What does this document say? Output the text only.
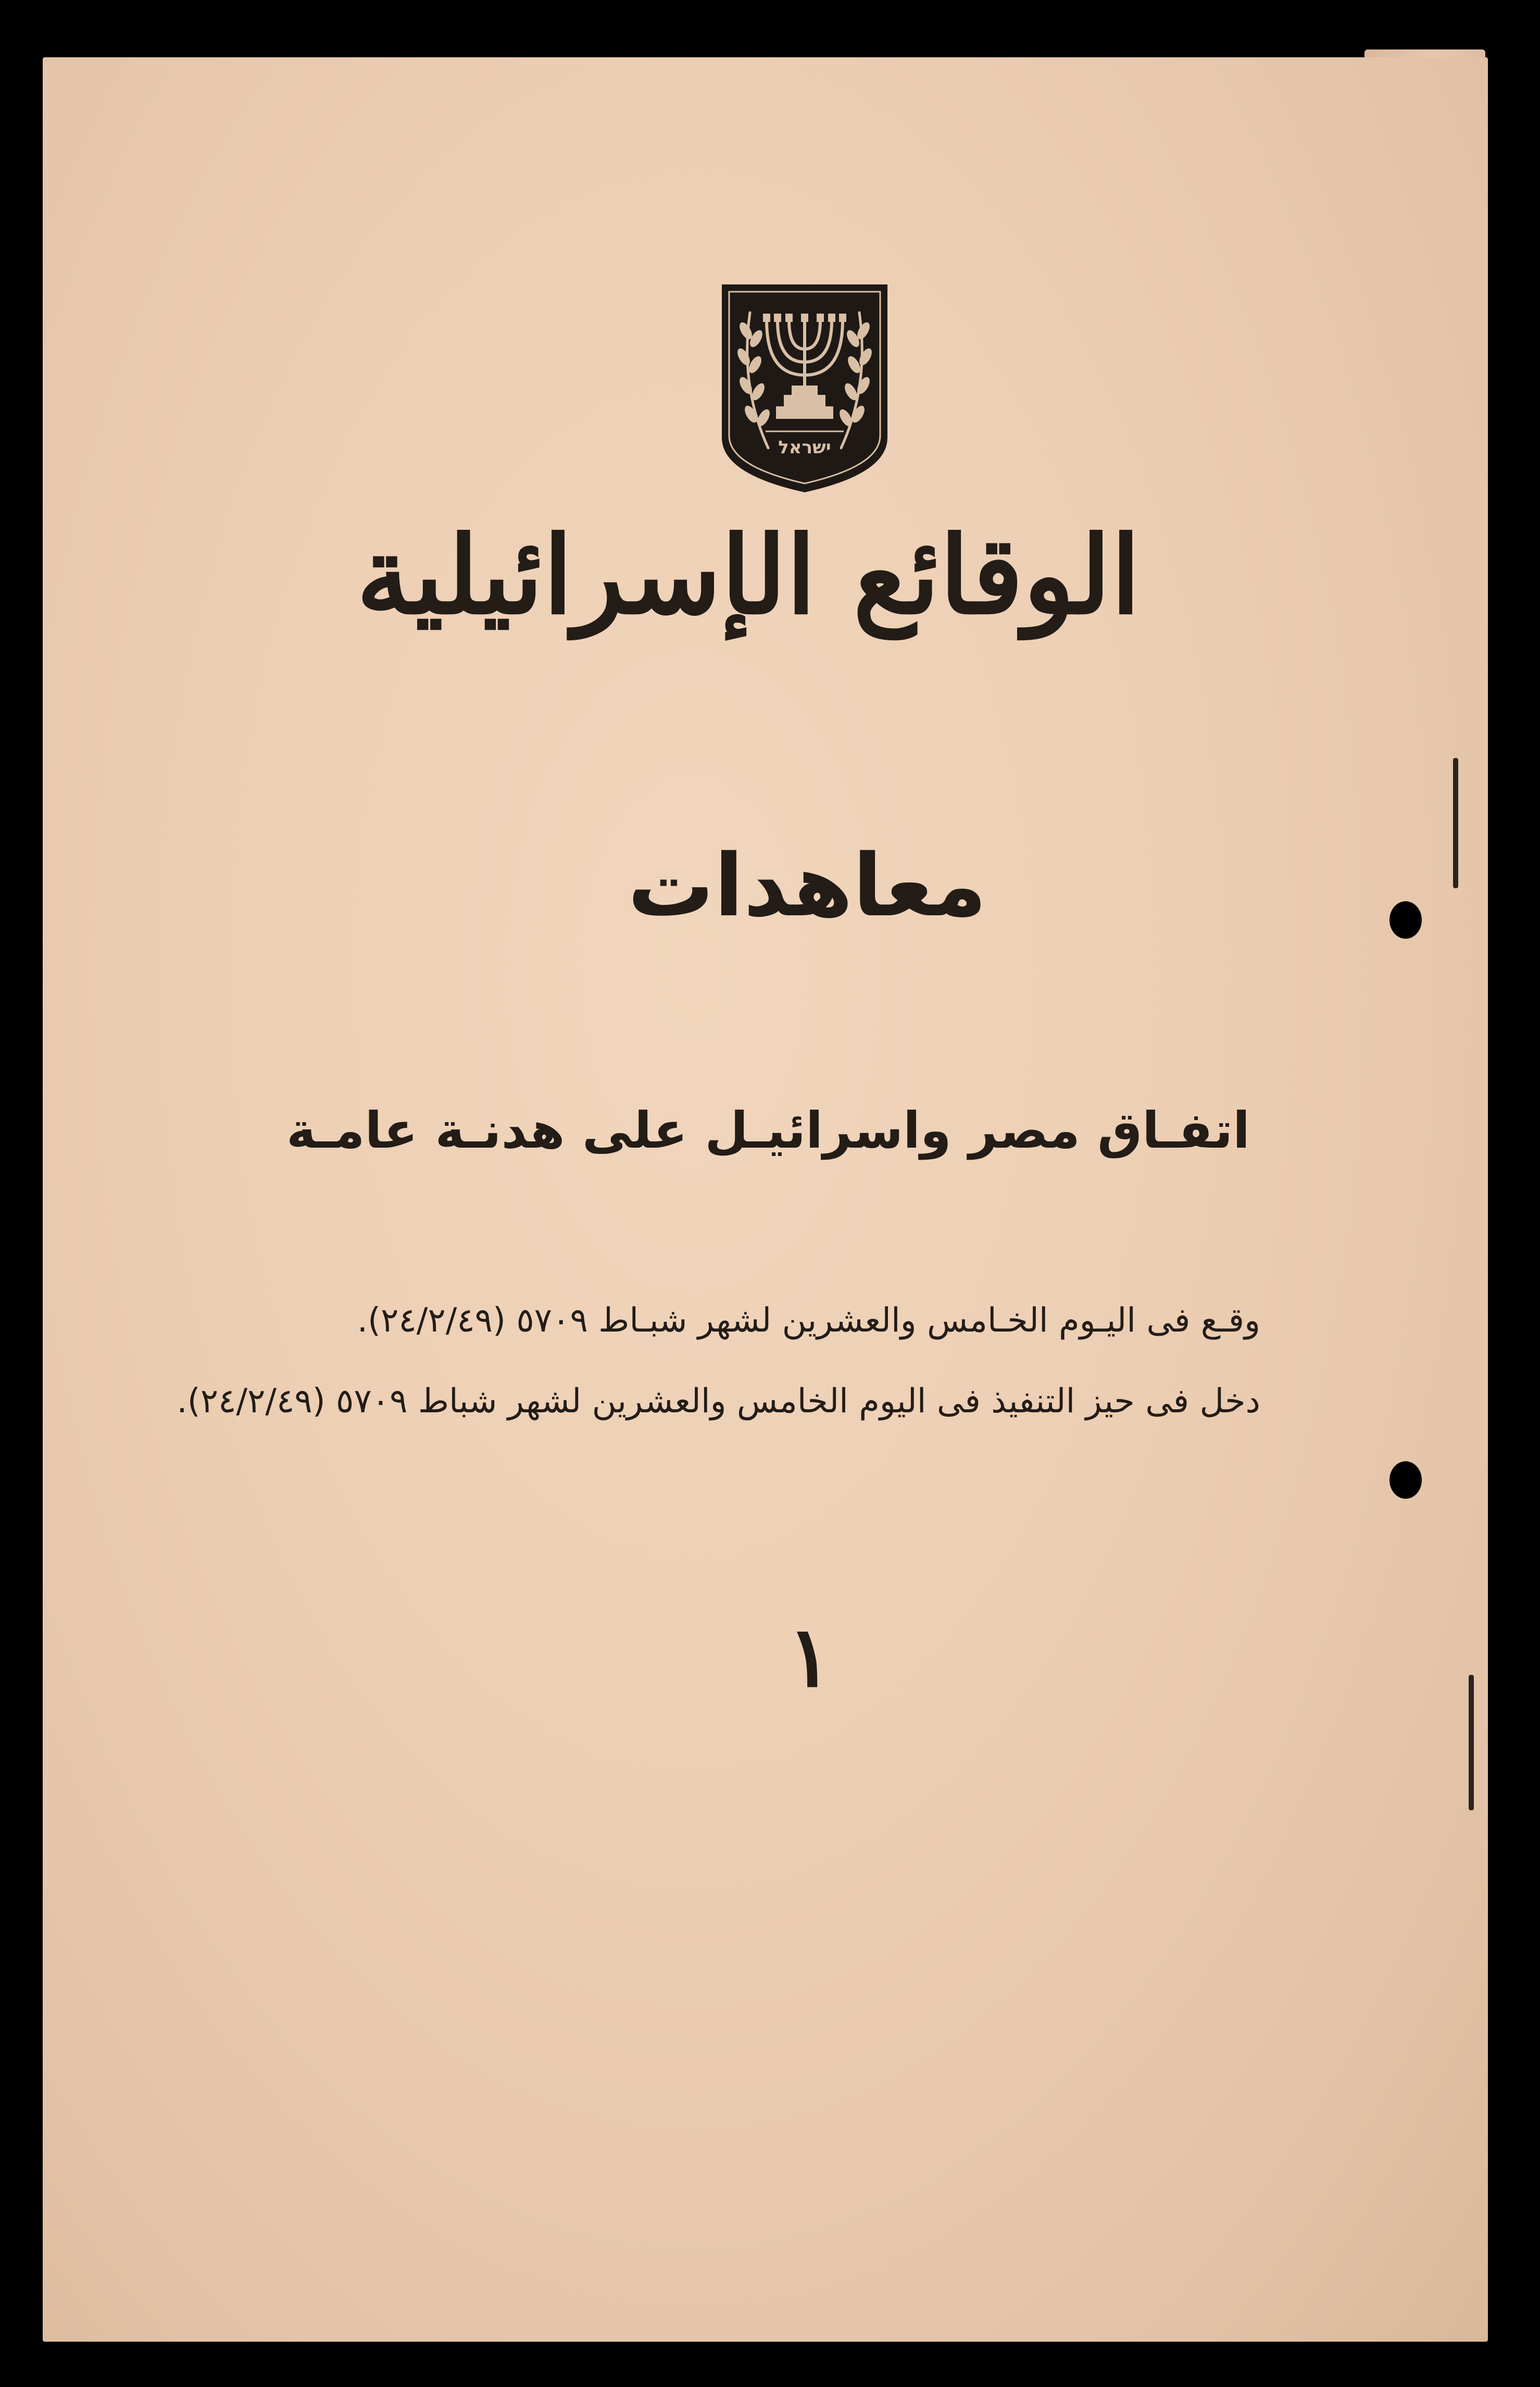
ישראל
الوقائع الإسرائيلية
معاهدات
اتفـاق مصر واسرائيـل على هدنـة عامـة
وقـع فى اليـوم الخـامس والعشرين لشهر شبـاط ٥٧٠٩ (٢٤/٢/٤٩).
دخل فى حيز التنفيذ فى اليوم الخامس والعشرين لشهر شباط ٥٧٠٩ (٢٤/٢/٤٩).
١
